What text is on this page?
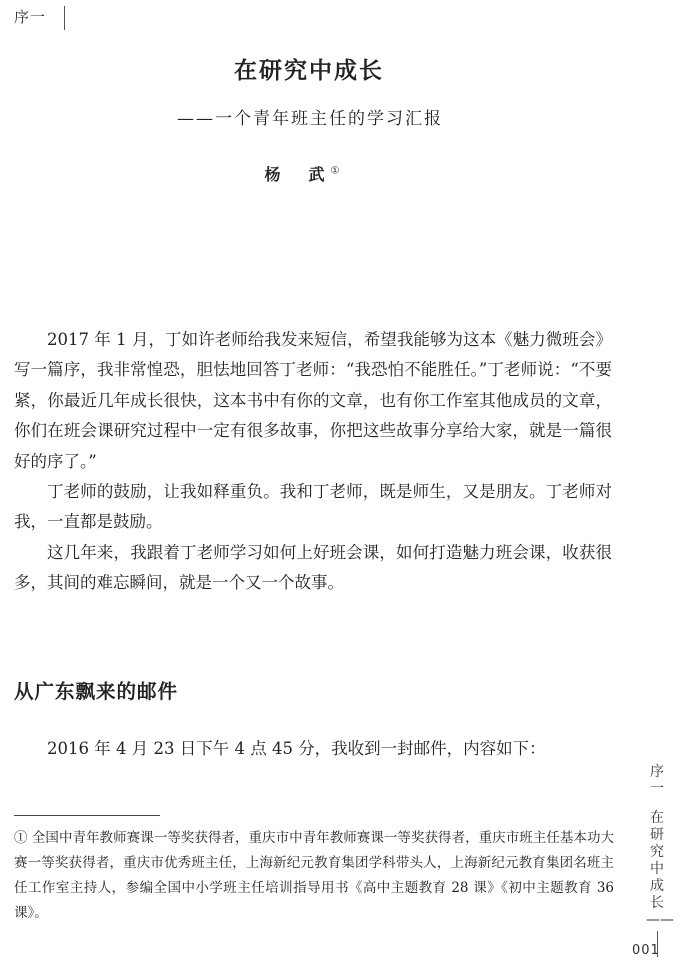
序一
在研究中成长
——一个青年班主任的学习汇报
杨　武①

2017 年 1 月，丁如许老师给我发来短信，希望我能够为这本《魅力微班会》写一篇序，我非常惶恐，胆怯地回答丁老师：“我恐怕不能胜任。”丁老师说：“不要紧，你最近几年成长很快，这本书中有你的文章，也有你工作室其他成员的文章，你们在班会课研究过程中一定有很多故事，你把这些故事分享给大家，就是一篇很好的序了。”

丁老师的鼓励，让我如释重负。我和丁老师，既是师生，又是朋友。丁老师对我，一直都是鼓励。

这几年来，我跟着丁老师学习如何上好班会课，如何打造魅力班会课，收获很多，其间的难忘瞬间，就是一个又一个故事。

从广东飘来的邮件

2016 年 4 月 23 日下午 4 点 45 分，我收到一封邮件，内容如下：

① 全国中青年教师赛课一等奖获得者，重庆市中青年教师赛课一等奖获得者，重庆市班主任基本功大赛一等奖获得者，重庆市优秀班主任，上海新纪元教育集团学科带头人，上海新纪元教育集团名班主任工作室主持人，参编全国中小学班主任培训指导用书《高中主题教育 28 课》《初中主题教育 36 课》。
序一
在研究中成长——
001
